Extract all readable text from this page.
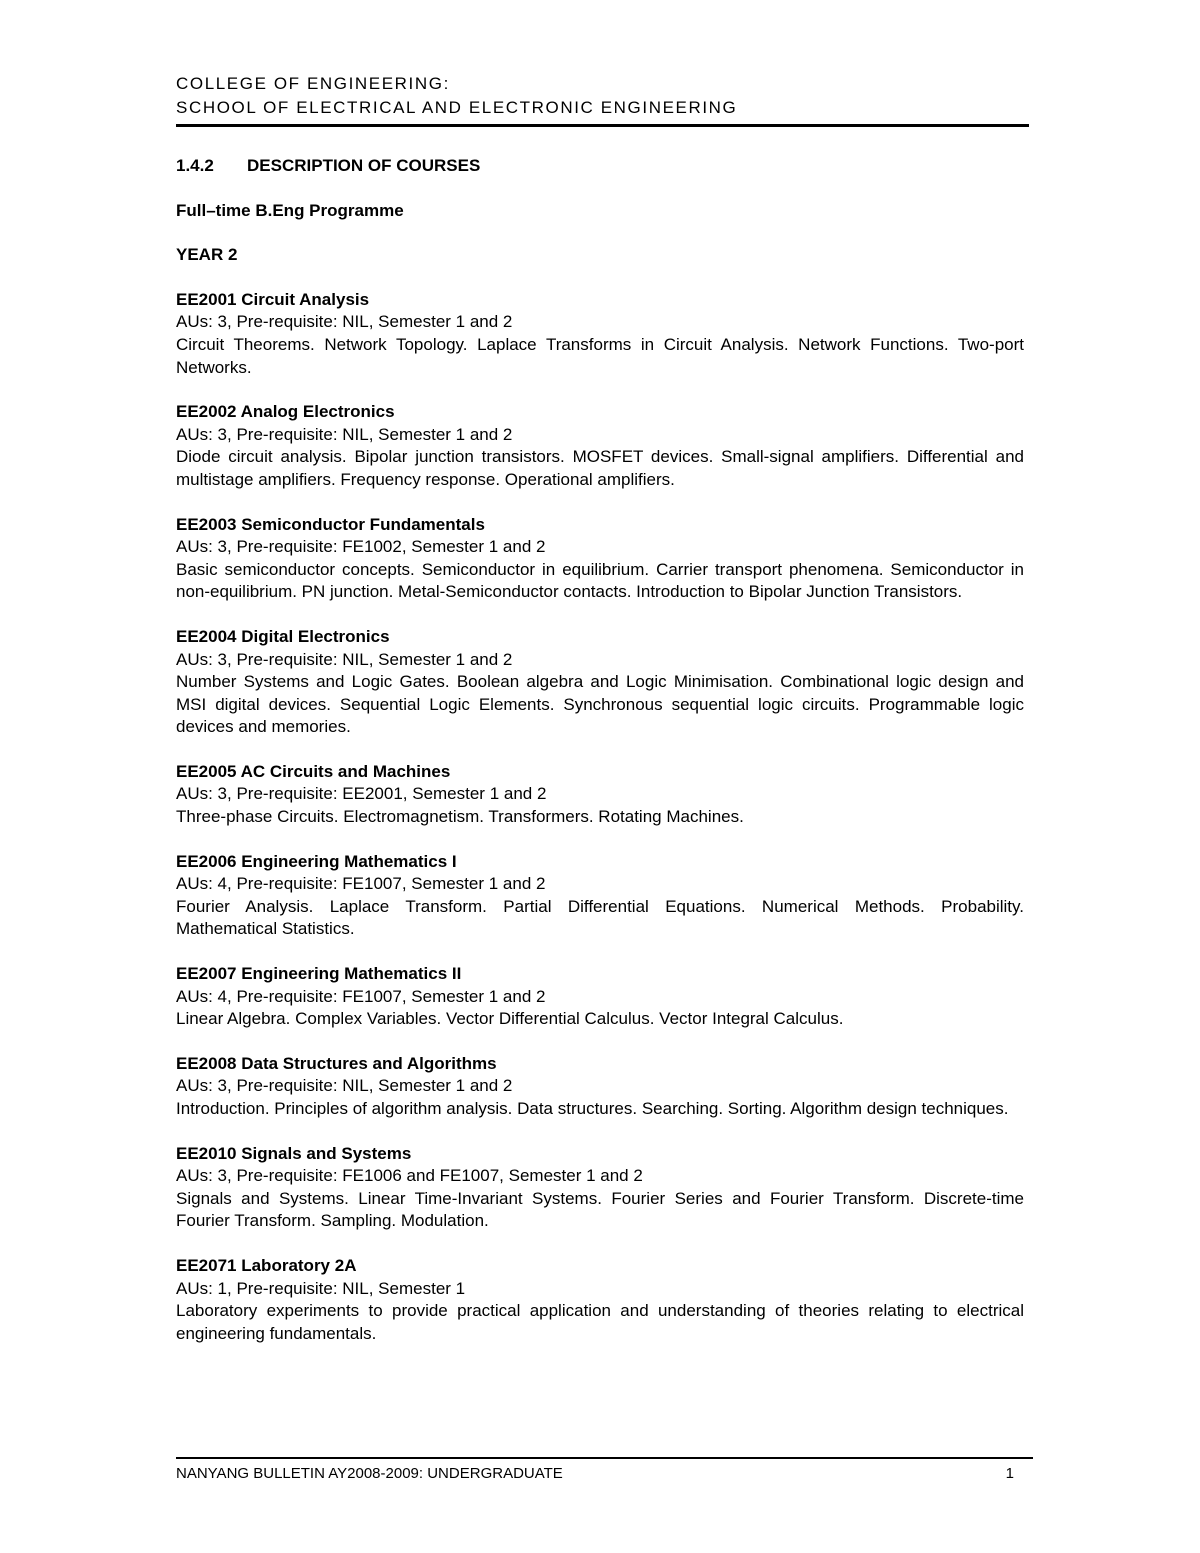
COLLEGE OF ENGINEERING:
SCHOOL OF ELECTRICAL AND ELECTRONIC ENGINEERING
1.4.2 DESCRIPTION OF COURSES
Full–time B.Eng Programme
YEAR 2
EE2001 Circuit Analysis
AUs: 3, Pre-requisite: NIL, Semester 1 and 2
Circuit Theorems. Network Topology. Laplace Transforms in Circuit Analysis. Network Functions. Two-port Networks.
EE2002 Analog Electronics
AUs: 3, Pre-requisite: NIL, Semester 1 and 2
Diode circuit analysis. Bipolar junction transistors. MOSFET devices. Small-signal amplifiers. Differential and multistage amplifiers. Frequency response. Operational amplifiers.
EE2003 Semiconductor Fundamentals
AUs: 3, Pre-requisite: FE1002, Semester 1 and 2
Basic semiconductor concepts. Semiconductor in equilibrium. Carrier transport phenomena. Semiconductor in non-equilibrium. PN junction. Metal-Semiconductor contacts. Introduction to Bipolar Junction Transistors.
EE2004 Digital Electronics
AUs: 3, Pre-requisite: NIL, Semester 1 and 2
Number Systems and Logic Gates. Boolean algebra and Logic Minimisation. Combinational logic design and MSI digital devices. Sequential Logic Elements. Synchronous sequential logic circuits. Programmable logic devices and memories.
EE2005 AC Circuits and Machines
AUs: 3, Pre-requisite: EE2001, Semester 1 and 2
Three-phase Circuits. Electromagnetism. Transformers. Rotating Machines.
EE2006 Engineering Mathematics I
AUs: 4, Pre-requisite: FE1007, Semester 1 and 2
Fourier Analysis. Laplace Transform. Partial Differential Equations. Numerical Methods. Probability. Mathematical Statistics.
EE2007 Engineering Mathematics II
AUs: 4, Pre-requisite: FE1007, Semester 1 and 2
Linear Algebra. Complex Variables. Vector Differential Calculus. Vector Integral Calculus.
EE2008 Data Structures and Algorithms
AUs: 3, Pre-requisite: NIL, Semester 1 and 2
Introduction. Principles of algorithm analysis. Data structures. Searching. Sorting. Algorithm design techniques.
EE2010 Signals and Systems
AUs: 3, Pre-requisite: FE1006 and FE1007, Semester 1 and 2
Signals and Systems. Linear Time-Invariant Systems. Fourier Series and Fourier Transform. Discrete-time Fourier Transform. Sampling. Modulation.
EE2071 Laboratory 2A
AUs: 1, Pre-requisite: NIL, Semester 1
Laboratory experiments to provide practical application and understanding of theories relating to electrical engineering fundamentals.
NANYANG BULLETIN AY2008-2009: UNDERGRADUATE	1
